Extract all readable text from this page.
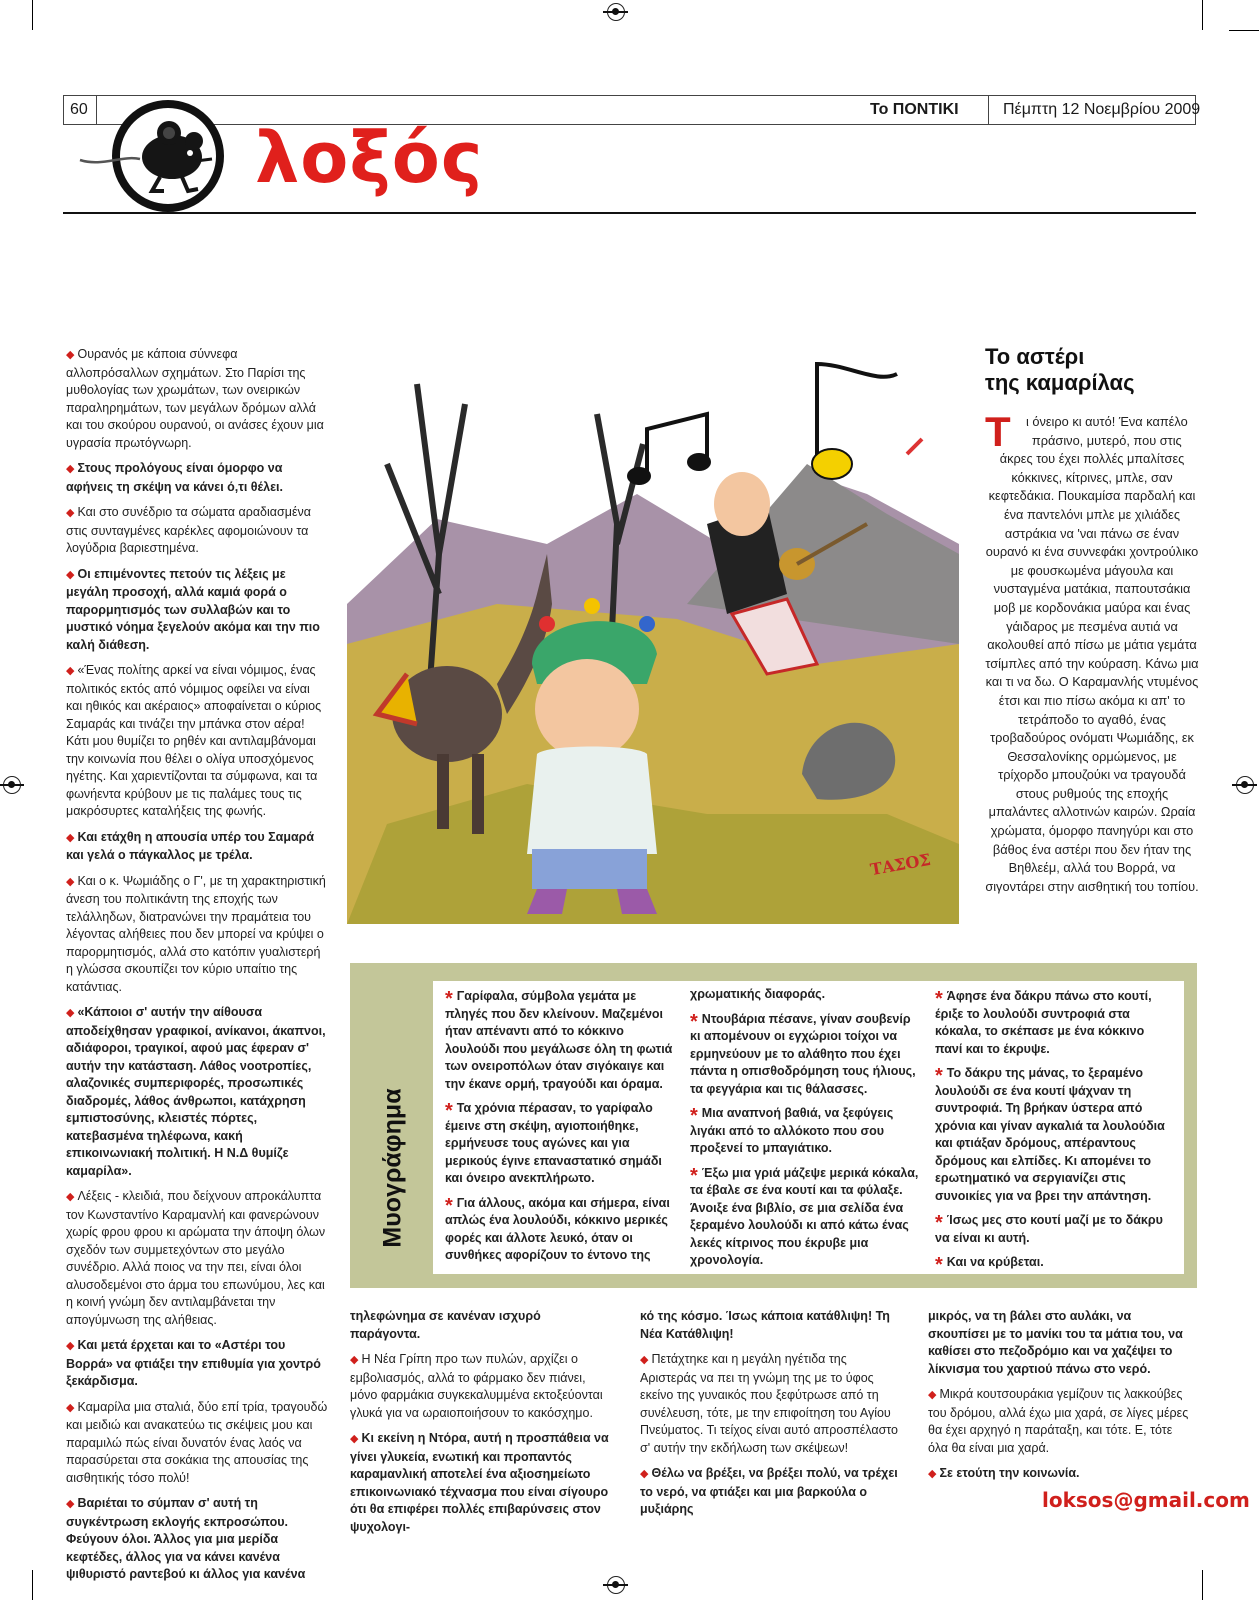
60	Το ΠΟΝΤΙΚΙ	Πέμπτη 12 Νοεμβρίου 2009
λοξός

◆ Ουρανός με κάποια σύννεφα αλλοπρόσαλλων σχημάτων. Στο Παρίσι της μυθολογίας των χρωμάτων, των ονειρικών παραληρημάτων, των μεγάλων δρόμων αλλά και του σκούρου ουρανού, οι ανάσες έχουν μια υγρασία πρωτόγνωρη.

◆ Στους προλόγους είναι όμορφο να αφήνεις τη σκέψη να κάνει ό,τι θέλει.

◆ Και στο συνέδριο τα σώματα αραδιασμένα στις συνταγμένες καρέκλες αφομοιώνουν τα λογύδρια βαριεστημένα.

◆ Οι επιμένοντες πετούν τις λέξεις με μεγάλη προσοχή, αλλά καμιά φορά ο παρορμητισμός των συλλαβών και το μυστικό νόημα ξεγελούν ακόμα και την πιο καλή διάθεση.

◆ «Ένας πολίτης αρκεί να είναι νόμιμος, ένας πολιτικός εκτός από νόμιμος οφείλει να είναι και ηθικός και ακέραιος» αποφαίνεται ο κύριος Σαμαράς και τινάζει την μπάνκα στον αέρα! Κάτι μου θυμίζει το ρηθέν και αντιλαμβάνομαι την κοινωνία που θέλει ο ολίγα υποσχόμενος ηγέτης. Και χαριεντίζονται τα σύμφωνα, και τα φωνήεντα κρύβουν με τις παλάμες τους τις μακρόσυρτες καταλήξεις της φωνής.

◆ Και ετάχθη η απουσία υπέρ του Σαμαρά και γελά ο πάγκαλλος με τρέλα.

◆ Και ο κ. Ψωμιάδης ο Γ', με τη χαρακτηριστική άνεση του πολιτικάντη της εποχής των τελάλληδων, διατρανώνει την πραμάτεια του λέγοντας αλήθειες που δεν μπορεί να κρύψει ο παρορμητισμός, αλλά στο κατόπιν γυαλιστερή η γλώσσα σκουπίζει τον κύριο υπαίτιο της κατάντιας.

◆ «Κάποιοι σ' αυτήν την αίθουσα αποδείχθησαν γραφικοί, ανίκανοι, άκαπνοι, αδιάφοροι, τραγικοί, αφού μας έφεραν σ' αυτήν την κατάσταση. Λάθος νοοτροπίες, αλαζονικές συμπεριφορές, προσωπικές διαδρομές, λάθος άνθρωποι, κατάχρηση εμπιστοσύνης, κλειστές πόρτες, κατεβασμένα τηλέφωνα, κακή επικοινωνιακή πολιτική. Η Ν.Δ θυμίζε καμαρίλα».

◆ Λέξεις - κλειδιά, που δείχνουν απροκάλυπτα τον Κωνσταντίνο Καραμανλή και φανερώνουν χωρίς φρου φρου κι αρώματα την άποψη όλων σχεδόν των συμμετεχόντων στο μεγάλο συνέδριο. Αλλά ποιος να την πει, είναι όλοι αλυσοδεμένοι στο άρμα του επωνύμου, λες και η κοινή γνώμη δεν αντιλαμβάνεται την απογύμνωση της αλήθειας.

◆ Και μετά έρχεται και το «Αστέρι του Βορρά» να φτιάξει την επιθυμία για χοντρό ξεκάρδισμα.

◆ Καμαρίλα μια σταλιά, δύο επί τρία, τραγουδώ και μειδιώ και ανακατεύω τις σκέψεις μου και παραμιλώ πώς είναι δυνατόν ένας λαός να παρασύρεται στα σοκάκια της απουσίας της αισθητικής τόσο πολύ!

◆ Βαριέται το σύμπαν σ' αυτή τη συγκέντρωση εκλογής εκπροσώπου. Φεύγουν όλοι. Άλλος για μια μερίδα κεφτέδες, άλλος για να κάνει κανένα ψιθυριστό ραντεβού κι άλλος για κανένα

ΤΑΣΟΣ
Το αστέρι
της καμαρίλας
Τ ι όνειρο κι αυτό! Ένα καπέλο πράσινο, μυτερό, που στις άκρες του έχει πολλές μπαλίτσες κόκκινες, κίτρινες, μπλε, σαν κεφτεδάκια. Πουκαμίσα παρδαλή και ένα παντελόνι μπλε με χιλιάδες αστράκια να 'ναι πάνω σε έναν ουρανό κι ένα συννεφάκι χοντρούλικο με φουσκωμένα μάγουλα και νυσταγμένα ματάκια, παπουτσάκια μοβ με κορδονάκια μαύρα και ένας γάιδαρος με πεσμένα αυτιά να ακολουθεί από πίσω με μάτια γεμάτα τσίμπλες από την κούραση. Κάνω μια και τι να δω. Ο Καραμανλής ντυμένος έτσι και πιο πίσω ακόμα κι απ' το τετράποδο το αγαθό, ένας τροβαδούρος ονόματι Ψωμιάδης, εκ Θεσσαλονίκης ορμώμενος, με τρίχορδο μπουζούκι να τραγουδά στους ρυθμούς της εποχής μπαλάντες αλλοτινών καιρών. Ωραία χρώματα, όμορφο πανηγύρι και στο βάθος ένα αστέρι που δεν ήταν της Βηθλεέμ, αλλά του Βορρά, να σιγοντάρει στην αισθητική του τοπίου.
Μυογράφημα

* Γαρίφαλα, σύμβολα γεμάτα με πληγές που δεν κλείνουν. Μαζεμένοι ήταν απέναντι από το κόκκινο λουλούδι που μεγάλωσε όλη τη φωτιά των ονειροπόλων όταν σιγόκαιγε και την έκανε ορμή, τραγούδι και όραμα.

* Τα χρόνια πέρασαν, το γαρίφαλο έμεινε στη σκέψη, αγιοποιήθηκε, ερμήνευσε τους αγώνες και για μερικούς έγινε επαναστατικό σημάδι και όνειρο ανεκπλήρωτο.

* Για άλλους, ακόμα και σήμερα, είναι απλώς ένα λουλούδι, κόκκινο μερικές φορές και άλλοτε λευκό, όταν οι συνθήκες αφορίζουν το έντονο της

χρωματικής διαφοράς.

* Ντουβάρια πέσανε, γίναν σουβενίρ κι απομένουν οι εγχώριοι τοίχοι να ερμηνεύουν με το αλάθητο που έχει πάντα η οπισθοδρόμηση τους ήλιους, τα φεγγάρια και τις θάλασσες.

* Μια αναπνοή βαθιά, να ξεφύγεις λιγάκι από το αλλόκοτο που σου προξενεί το μπαγιάτικο.

* Έξω μια γριά μάζεψε μερικά κόκαλα, τα έβαλε σε ένα κουτί και τα φύλαξε. Άνοιξε ένα βιβλίο, σε μια σελίδα ένα ξεραμένο λουλούδι κι από κάτω ένας λεκές κίτρινος που έκρυβε μια χρονολογία.

* Άφησε ένα δάκρυ πάνω στο κουτί, έριξε το λουλούδι συντροφιά στα κόκαλα, το σκέπασε με ένα κόκκινο πανί και το έκρυψε.

* Το δάκρυ της μάνας, το ξεραμένο λουλούδι σε ένα κουτί ψάχναν τη συντροφιά. Τη βρήκαν ύστερα από χρόνια και γίναν αγκαλιά τα λουλούδια και φτιάξαν δρόμους, απέραντους δρόμους και ελπίδες. Κι απομένει το ερωτηματικό να σεργιανίζει στις συνοικίες για να βρει την απάντηση.

* Ίσως μες στο κουτί μαζί με το δάκρυ να είναι κι αυτή.

* Και να κρύβεται.

τηλεφώνημα σε κανέναν ισχυρό παράγοντα.

◆ Η Νέα Γρίπη προ των πυλών, αρχίζει ο εμβολιασμός, αλλά το φάρμακο δεν πιάνει, μόνο φαρμάκια συγκεκαλυμμένα εκτοξεύονται γλυκά για να ωραιοποιήσουν το κακόσχημο.

◆ Κι εκείνη η Ντόρα, αυτή η προσπάθεια να γίνει γλυκεία, ενωτική και προπαντός καραμανλική αποτελεί ένα αξιοσημείωτο επικοινωνιακό τέχνασμα που είναι σίγουρο ότι θα επιφέρει πολλές επιβαρύνσεις στον ψυχολογι-

κό της κόσμο. Ίσως κάποια κατάθλιψη! Τη Νέα Κατάθλιψη!

◆ Πετάχτηκε και η μεγάλη ηγέτιδα της Αριστεράς να πει τη γνώμη της με το ύφος εκείνο της γυναικός που ξεφύτρωσε από τη συνέλευση, τότε, με την επιφοίτηση του Αγίου Πνεύματος. Τι τείχος είναι αυτό απροσπέλαστο σ' αυτήν την εκδήλωση των σκέψεων!

◆ Θέλω να βρέξει, να βρέξει πολύ, να τρέχει το νερό, να φτιάξει και μια βαρκούλα ο μυξιάρης

μικρός, να τη βάλει στο αυλάκι, να σκουπίσει με το μανίκι του τα μάτια του, να καθίσει στο πεζοδρόμιο και να χαζέψει το λίκνισμα του χαρτιού πάνω στο νερό.

◆ Μικρά κουτσουράκια γεμίζουν τις λακκούβες του δρόμου, αλλά έχω μια χαρά, σε λίγες μέρες θα έχει αρχηγό η παράταξη, και τότε. Ε, τότε όλα θα είναι μια χαρά.

◆ Σε ετούτη την κοινωνία.

loksos@gmail.com
